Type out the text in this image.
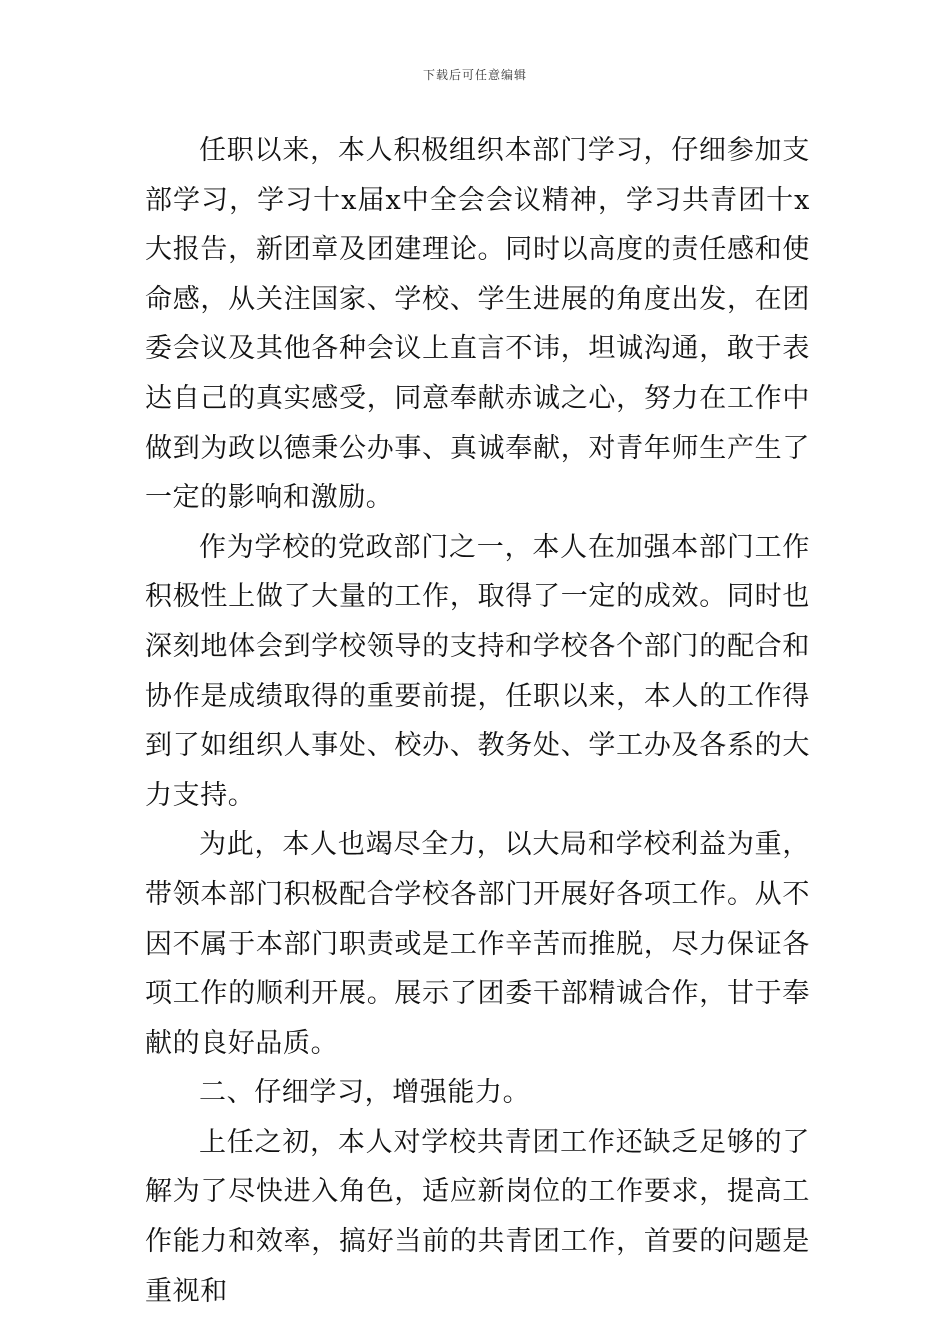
下载后可任意编辑

任职以来，本人积极组织本部门学习，仔细参加支部学习，学习十x届x中全会会议精神，学习共青团十x大报告，新团章及团建理论。同时以高度的责任感和使命感，从关注国家、学校、学生进展的角度出发，在团委会议及其他各种会议上直言不讳，坦诚沟通，敢于表达自己的真实感受，同意奉献赤诚之心，努力在工作中做到为政以德秉公办事、真诚奉献，对青年师生产生了一定的影响和激励。

作为学校的党政部门之一，本人在加强本部门工作积极性上做了大量的工作，取得了一定的成效。同时也深刻地体会到学校领导的支持和学校各个部门的配合和协作是成绩取得的重要前提，任职以来，本人的工作得到了如组织人事处、校办、教务处、学工办及各系的大力支持。

为此，本人也竭尽全力，以大局和学校利益为重，带领本部门积极配合学校各部门开展好各项工作。从不因不属于本部门职责或是工作辛苦而推脱，尽力保证各项工作的顺利开展。展示了团委干部精诚合作，甘于奉献的良好品质。

二、仔细学习，增强能力。

上任之初，本人对学校共青团工作还缺乏足够的了解为了尽快进入角色，适应新岗位的工作要求，提高工作能力和效率，搞好当前的共青团工作，首要的问题是重视和
